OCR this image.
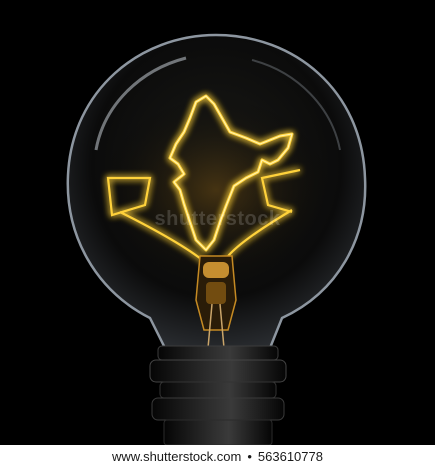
shutterstock
www.shutterstock.com • 563610778
